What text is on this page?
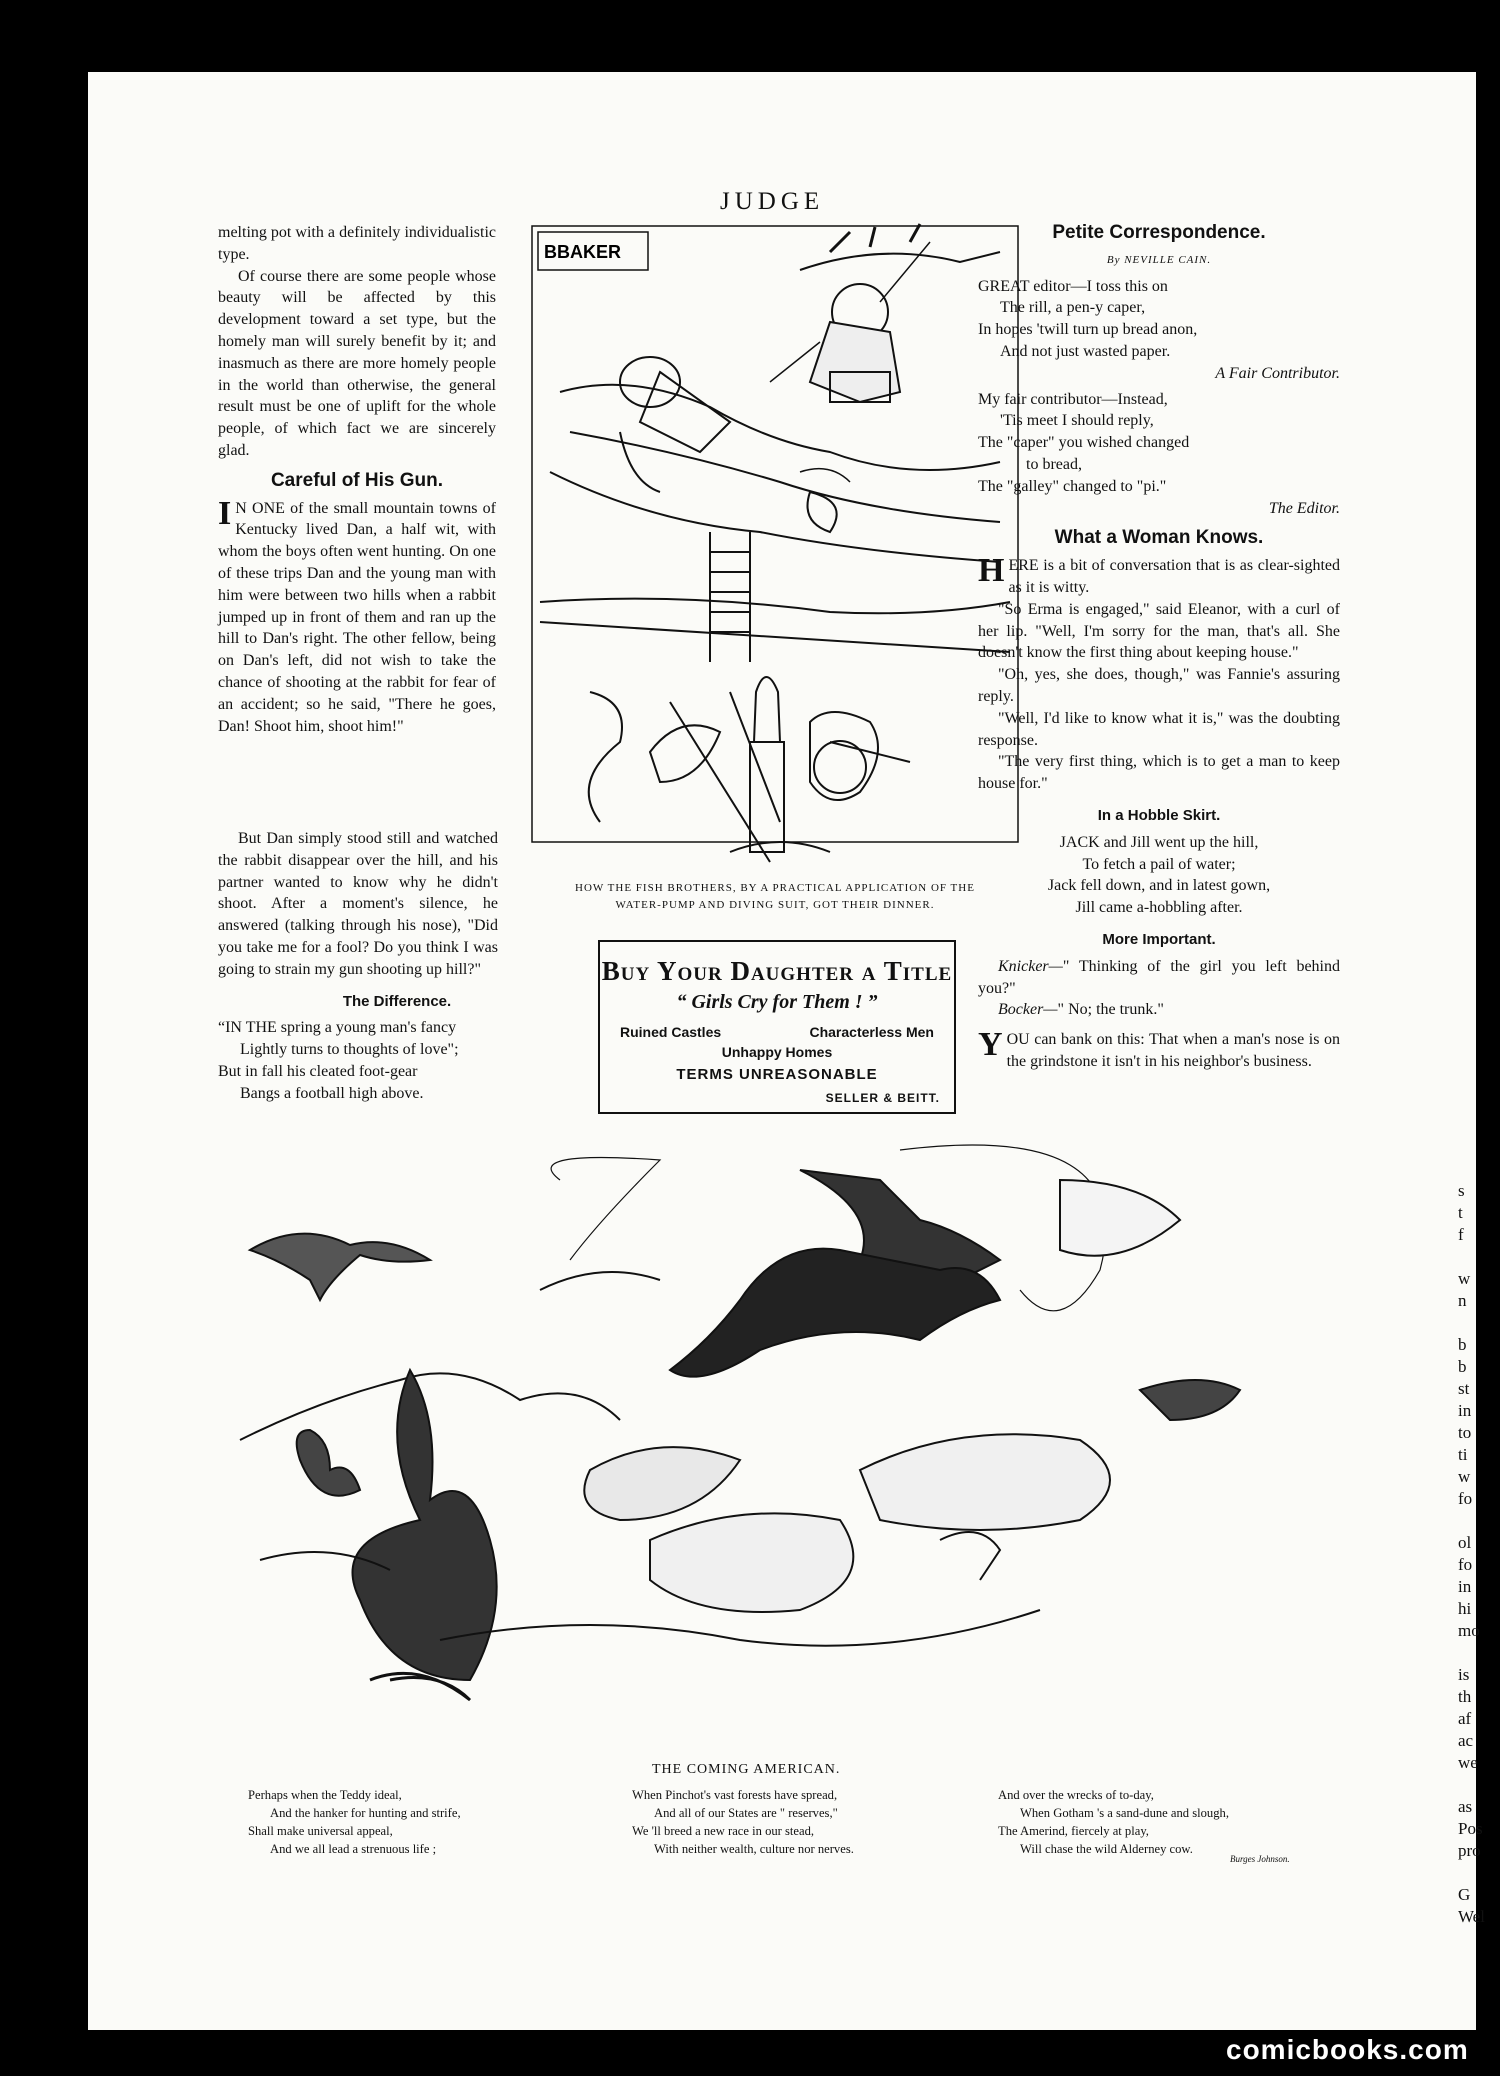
s
t
f

w
n

b
b
st
in
to
ti
w
fo

ol
fo
in
hi
mo

is
th
af
ac
we

as
Pos
pro

G
Wel
JUDGE

melting pot with a definitely individualistic type.

Of course there are some people whose beauty will be affected by this development toward a set type, but the homely man will surely benefit by it; and inasmuch as there are more homely people in the world than otherwise, the general result must be one of uplift for the whole people, of which fact we are sincerely glad.

Careful of His Gun.

I N ONE of the small mountain towns of Kentucky lived Dan, a half wit, with whom the boys often went hunting. On one of these trips Dan and the young man with him were between two hills when a rabbit jumped up in front of them and ran up the hill to Dan's right. The other fellow, being on Dan's left, did not wish to take the chance of shooting at the rabbit for fear of an accident; so he said, "There he goes, Dan! Shoot him, shoot him!"

But Dan simply stood still and watched the rabbit disappear over the hill, and his partner wanted to know why he didn't shoot. After a moment's silence, he answered (talking through his nose), "Did you take me for a fool? Do you think I was going to strain my gun shooting up hill?"

The Difference.
“IN THE spring a young man's fancy
Lightly turns to thoughts of love";
But in fall his cleated foot-gear
Bangs a football high above.
BBAKER
HOW THE FISH BROTHERS, BY A PRACTICAL APPLICATION OF THE
WATER-PUMP AND DIVING SUIT, GOT THEIR DINNER.
Buy Your Daughter a Title
“ Girls Cry for Them ! ”
Ruined Castles	Characterless Men
Unhappy Homes
TERMS UNREASONABLE
SELLER & BEITT.
Petite Correspondence.
By NEVILLE CAIN.
GREAT editor—I toss this on
The rill, a pen-y caper,
In hopes 'twill turn up bread anon,
And not just wasted paper.
A Fair Contributor.
My fair contributor—Instead,
'Tis meet I should reply,
The "caper" you wished changed
to bread,
The "galley" changed to "pi."
The Editor.
What a Woman Knows.

HERE is a bit of conversation that is as clear-sighted as it is witty.

"So Erma is engaged," said Eleanor, with a curl of her lip. "Well, I'm sorry for the man, that's all. She doesn't know the first thing about keeping house."

"Oh, yes, she does, though," was Fannie's assuring reply.

"Well, I'd like to know what it is," was the doubting response.

"The very first thing, which is to get a man to keep house for."

In a Hobble Skirt.
JACK and Jill went up the hill,
To fetch a pail of water;
Jack fell down, and in latest gown,
Jill came a-hobbling after.
More Important.

Knicker—" Thinking of the girl you left behind you?"

Bocker—" No; the trunk."

YOU can bank on this: That when a man's nose is on the grindstone it isn't in his neighbor's business.

THE COMING AMERICAN.
Perhaps when the Teddy ideal,
And the hanker for hunting and strife,
Shall make universal appeal,
And we all lead a strenuous life ;
When Pinchot's vast forests have spread,
And all of our States are " reserves,"
We 'll breed a new race in our stead,
With neither wealth, culture nor nerves.
And over the wrecks of to-day,
When Gotham 's a sand-dune and slough,
The Amerind, fiercely at play,
Will chase the wild Alderney cow.
Burges Johnson.
comicbooks.com
